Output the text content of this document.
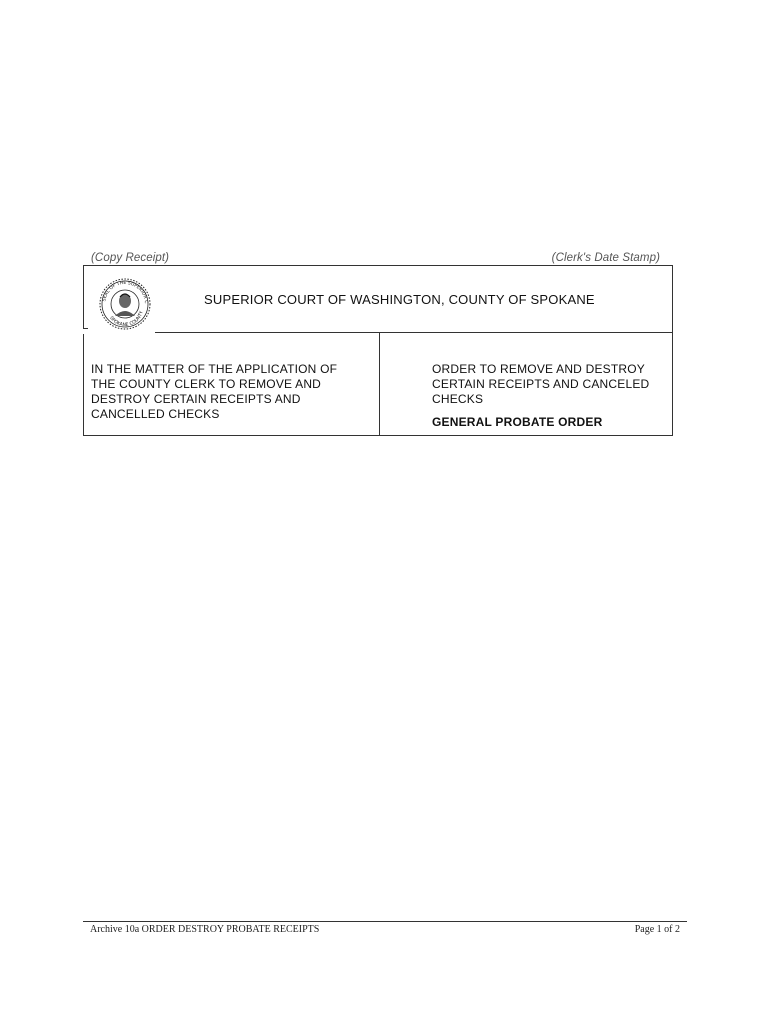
(Copy Receipt)	(Clerk's Date Stamp)
SEAL OF THE SUPERIOR C
SPOKANE COUNTY
SUPERIOR COURT OF WASHINGTON, COUNTY OF SPOKANE
IN THE MATTER OF THE APPLICATION OF
THE COUNTY CLERK TO REMOVE AND
DESTROY CERTAIN RECEIPTS AND
CANCELLED CHECKS
ORDER TO REMOVE AND DESTROY
CERTAIN RECEIPTS AND CANCELED
CHECKS
GENERAL PROBATE ORDER
Archive 10a ORDER DESTROY PROBATE RECEIPTS	Page 1 of 2
